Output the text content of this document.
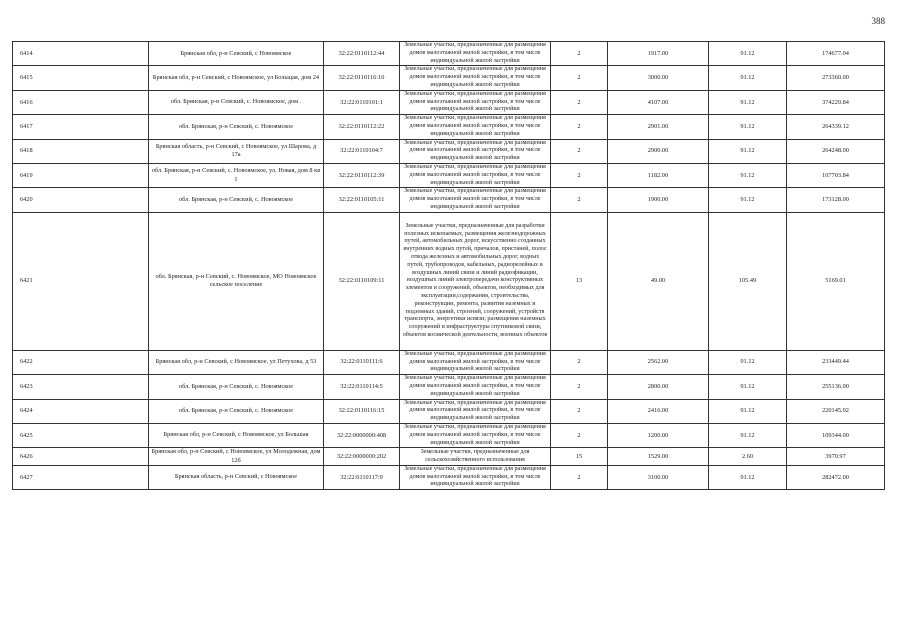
388
6414	Брянская обл, р-н Севский, с Новоямское	32:22:0110112:44	Земельные участки, предназначенные для размещения домов малоэтажной жилой застройки, в том числе индивидуальной жилой застройки	2	1917.00	91.12	174677.04
6415	Брянская обл, р-н Севский, с Новоямское, ул Больщая, дом 24	32:22:0110116:10	Земельные участки, предназначенные для размещения домов малоэтажной жилой застройки, в том числе индивидуальной жилой застройки	2	3000.00	91.12	273360.00
6416	обл. Брянская, р-н Севский, с. Новоямское, дом .	32:22:0110101:1	Земельные участки, предназначенные для размещения домов малоэтажной жилой застройки, в том числе индивидуальной жилой застройки	2	4107.00	91.12	374229.84
6417	обл. Брянская, р-н Севский, с. Новоямское	32:22:0110112:22	Земельные участки, предназначенные для размещения домов малоэтажной жилой застройки, в том числе индивидуальной жилой застройки	2	2901.00	91.12	264339.12
6418	Брянская область, р-н Севский, с Новоямское, ул Шарова, д 17а	32:22:0110104:7	Земельные участки, предназначенные для размещения домов малоэтажной жилой застройки, в том числе индивидуальной жилой застройки	2	2900.00	91.12	264248.00
6419	обл. Брянская, р-н Севский, с. Новоямское, ул. Новая, дом 8 кв 1	32:22:0110112:39	Земельные участки, предназначенные для размещения домов малоэтажной жилой застройки, в том числе индивидуальной жилой застройки	2	1182.00	91.12	107703.84
6420	обл. Брянская, р-н Севский, с. Новоямское	32:22:0110105:11	Земельные участки, предназначенные для размещения домов малоэтажной жилой застройки, в том числе индивидуальной жилой застройки	2	1900.00	91.12	173128.00
6421	обл. Брянская, р-н Севский, с. Новоямское, МО Новоямское сельское поселение	32:22:0110109:11	Земельные участки, предназначенные для разработки полезных ископаемых, размещения железнодорожных путей, автомобильных дорог, искусственно созданных внутренних водных путей, причалов, пристаней, полос отвода железных и автомобильных дорог, водных путей, трубопроводов, кабельных, радиорелейных и воздушных линий связи и линий радиофикации, воздушных линий электропередачи конструктивных элементов и сооружений, объектов, необходимых для эксплуатации,содержания, строительства, реконструкции, ремонта, развития наземных и подземных зданий, строений, сооружений, устройств транспорта, энергетики исвязи; размещения наземных сооружений и инфраструктуры спутниковой связи, объектов космической деятельности, военных объектов	13	49.00	105.49	5169.01
6422	Брянская обл, р-н Севский, с Новоямское, ул Петухова, д 53	32:22:0110111:6	Земельные участки, предназначенные для размещения домов малоэтажной жилой застройки, в том числе индивидуальной жилой застройки	2	2562.00	91.12	233449.44
6423	обл. Брянская, р-н Севский, с. Новоямское	32:22:0110114:5	Земельные участки, предназначенные для размещения домов малоэтажной жилой застройки, в том числе индивидуальной жилой застройки	2	2800.00	91.12	255136.00
6424	обл. Брянская, р-н Севский, с. Новоямское	32:22:0110116:15	Земельные участки, предназначенные для размещения домов малоэтажной жилой застройки, в том числе индивидуальной жилой застройки	2	2416.00	91.12	220145.92
6425	Брянская обл, р-н Севский, с Новоямское, ул Большая	32:22:0000000:408	Земельные участки, предназначенные для размещения домов малоэтажной жилой застройки, в том числе индивидуальной жилой застройки	2	1200.00	91.12	109344.00
6426	Брянская обл, р-н Севский, с Новоямское, ул Молодежная, дом 12б	32:22:0000000:202	Земельные участки, предназначенные для сельскохозяйственного использования	15	1529.00	2.60	3970.97
6427	Брянская область, р-н Севский, с Новоямское	32:22:0110117:9	Земельные участки, предназначенные для размещения домов малоэтажной жилой застройки, в том числе индивидуальной жилой застройки	2	3100.00	91.12	282472.00
